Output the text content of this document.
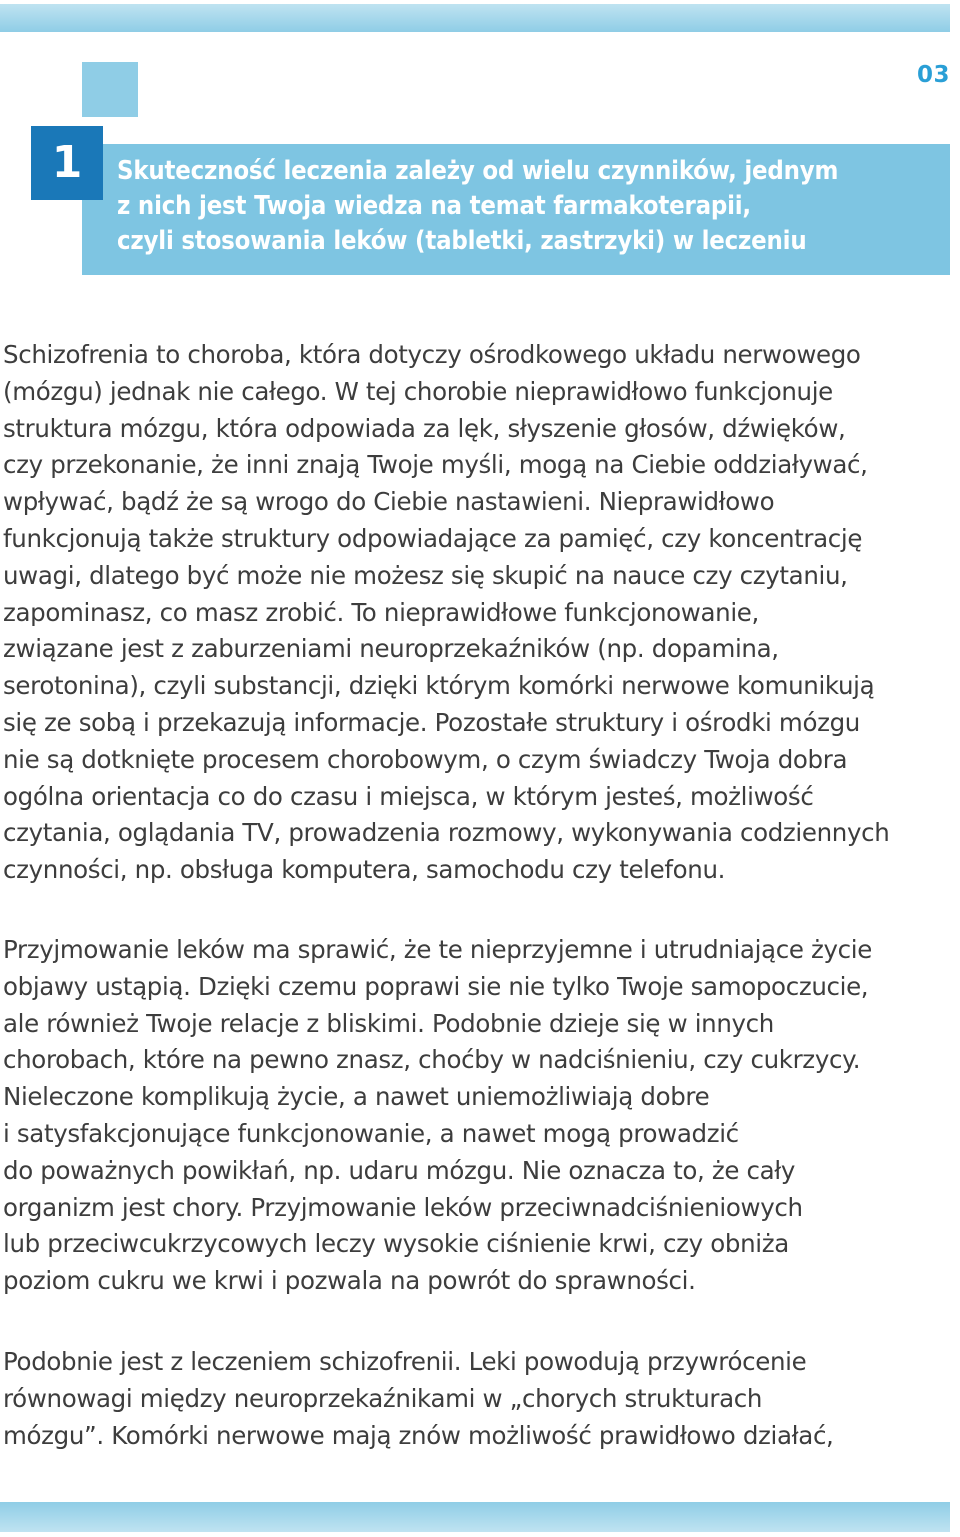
03
1	Skuteczność leczenia zależy od wielu czynników, jednym
z nich jest Twoja wiedza na temat farmakoterapii,
czyli stosowania leków (tabletki, zastrzyki) w leczeniu

Schizofrenia to choroba, która dotyczy ośrodkowego układu nerwowego
(mózgu) jednak nie całego. W tej chorobie nieprawidłowo funkcjonuje
struktura mózgu, która odpowiada za lęk, słyszenie głosów, dźwięków,
czy przekonanie, że inni znają Twoje myśli, mogą na Ciebie oddziaływać,
wpływać, bądź że są wrogo do Ciebie nastawieni. Nieprawidłowo
funkcjonują także struktury odpowiadające za pamięć, czy koncentrację
uwagi, dlatego być może nie możesz się skupić na nauce czy czytaniu,
zapominasz, co masz zrobić. To nieprawidłowe funkcjonowanie,
związane jest z zaburzeniami neuroprzekaźników (np. dopamina,
serotonina), czyli substancji, dzięki którym komórki nerwowe komunikują
się ze sobą i przekazują informacje. Pozostałe struktury i ośrodki mózgu
nie są dotknięte procesem chorobowym, o czym świadczy Twoja dobra
ogólna orientacja co do czasu i miejsca, w którym jesteś, możliwość
czytania, oglądania TV, prowadzenia rozmowy, wykonywania codziennych
czynności, np. obsługa komputera, samochodu czy telefonu.

Przyjmowanie leków ma sprawić, że te nieprzyjemne i utrudniające życie
objawy ustąpią. Dzięki czemu poprawi sie nie tylko Twoje samopoczucie,
ale również Twoje relacje z bliskimi. Podobnie dzieje się w innych
chorobach, które na pewno znasz, choćby w nadciśnieniu, czy cukrzycy.
Nieleczone komplikują życie, a nawet uniemożliwiają dobre
i satysfakcjonujące funkcjonowanie, a nawet mogą prowadzić
do poważnych powikłań, np. udaru mózgu. Nie oznacza to, że cały
organizm jest chory. Przyjmowanie leków przeciwnadciśnieniowych
lub przeciwcukrzycowych leczy wysokie ciśnienie krwi, czy obniża
poziom cukru we krwi i pozwala na powrót do sprawności.

Podobnie jest z leczeniem schizofrenii. Leki powodują przywrócenie
równowagi między neuroprzekaźnikami w „chorych strukturach
mózgu”. Komórki nerwowe mają znów możliwość prawidłowo działać,
